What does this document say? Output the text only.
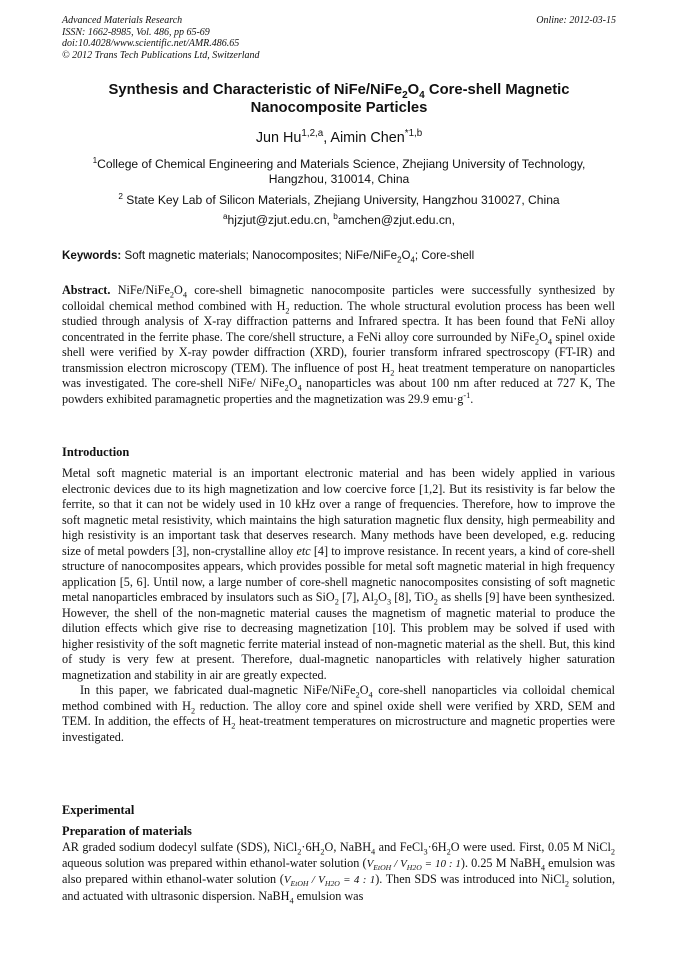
Advanced Materials Research
ISSN: 1662-8985, Vol. 486, pp 65-69
doi:10.4028/www.scientific.net/AMR.486.65
© 2012 Trans Tech Publications Ltd, Switzerland
Online: 2012-03-15
Synthesis and Characteristic of NiFe/$NiFe_2O_4$ Core-shell Magnetic
Nanocomposite Particles
Jun Hu$^{1,2,a}$, Aimin Chen$^{*1,b}$
$^1$College of Chemical Engineering and Materials Science, Zhejiang University of Technology,
Hangzhou, 310014, China
$^2$ State Key Lab of Silicon Materials, Zhejiang University, Hangzhou 310027, China
$^a$hjzjut@zjut.edu.cn, $^b$amchen@zjut.edu.cn,
Keywords: Soft magnetic materials; Nanocomposites; NiFe/$NiFe_2O_4$; Core-shell

Abstract. NiFe/$NiFe_2O_4$ core-shell bimagnetic nanocomposite particles were successfully synthesized by colloidal chemical method combined with $H_2$ reduction. The whole structural evolution process has been well studied through analysis of X-ray diffraction patterns and Infrared spectra. It has been found that FeNi alloy concentrated in the ferrite phase. The core/shell structure, a FeNi alloy core surrounded by $NiFe_2O_4$ spinel oxide shell were verified by X-ray powder diffraction (XRD), fourier transform infrared spectroscopy (FT-IR) and transmission electron microscopy (TEM). The influence of post $H_2$ heat treatment temperature on nanoparticles was investigated. The core-shell NiFe/ $NiFe_2O_4$ nanoparticles was about 100 nm after reduced at 727 K, The powders exhibited paramagnetic properties and the magnetization was 29.9 $emu\cdot g^{-1}$.

Introduction

Metal soft magnetic material is an important electronic material and has been widely applied in various electronic devices due to its high magnetization and low coercive force [1,2]. But its resistivity is far below the ferrite, so that it can not be widely used in 10 kHz over a range of frequencies. Therefore, how to improve the soft magnetic metal resistivity, which maintains the high saturation magnetic flux density, high permeability and high resistivity is an important task that deserves research. Many methods have been developed, e.g. reducing size of metal powders [3], non-crystalline alloy etc [4] to improve resistance. In recent years, a kind of core-shell structure of nanocomposites appears, which provides possible for metal soft magnetic material in high frequency application [5, 6]. Until now, a large number of core-shell magnetic nanocomposites consisting of soft magnetic metal nanoparticles embraced by insulators such as SiO$_2$ [7], $Al_2O_3$ [8], TiO$_2$ as shells [9] have been synthesized. However, the shell of the non-magnetic material causes the magnetism of magnetic material to produce the dilution effects which give rise to decreasing magnetization [10]. This problem may be solved if used with higher resistivity of the soft magnetic ferrite material instead of non-magnetic material as the shell. But, this kind of study is very few at present. Therefore, dual-magnetic nanoparticles with relatively higher saturation magnetization and stability in air are greatly expected.

In this paper, we fabricated dual-magnetic NiFe/$NiFe_2O_4$ core-shell nanoparticles via colloidal chemical method combined with $H_2$ reduction. The alloy core and spinel oxide shell were verified by XRD, SEM and TEM. In addition, the effects of $H_2$ heat-treatment temperatures on microstructure and magnetic properties were investigated.

Experimental
Preparation of materials

AR graded sodium dodecyl sulfate (SDS), $NiCl_2\cdot 6H_2O$, NaBH$_4$ and $FeCl_3\cdot 6H_2O$ were used. First, 0.05 M NiCl$_2$ aqueous solution was prepared within ethanol-water solution ($V_{EtOH} / V_{H2O} = 10$ : 1). 0.25 M NaBH$_4$ emulsion was also prepared within ethanol-water solution ($V_{EtOH} / V_{H2O} = 4$ : 1). Then SDS was introduced into NiCl$_2$ solution, and actuated with ultrasonic dispersion. NaBH$_4$ emulsion was
